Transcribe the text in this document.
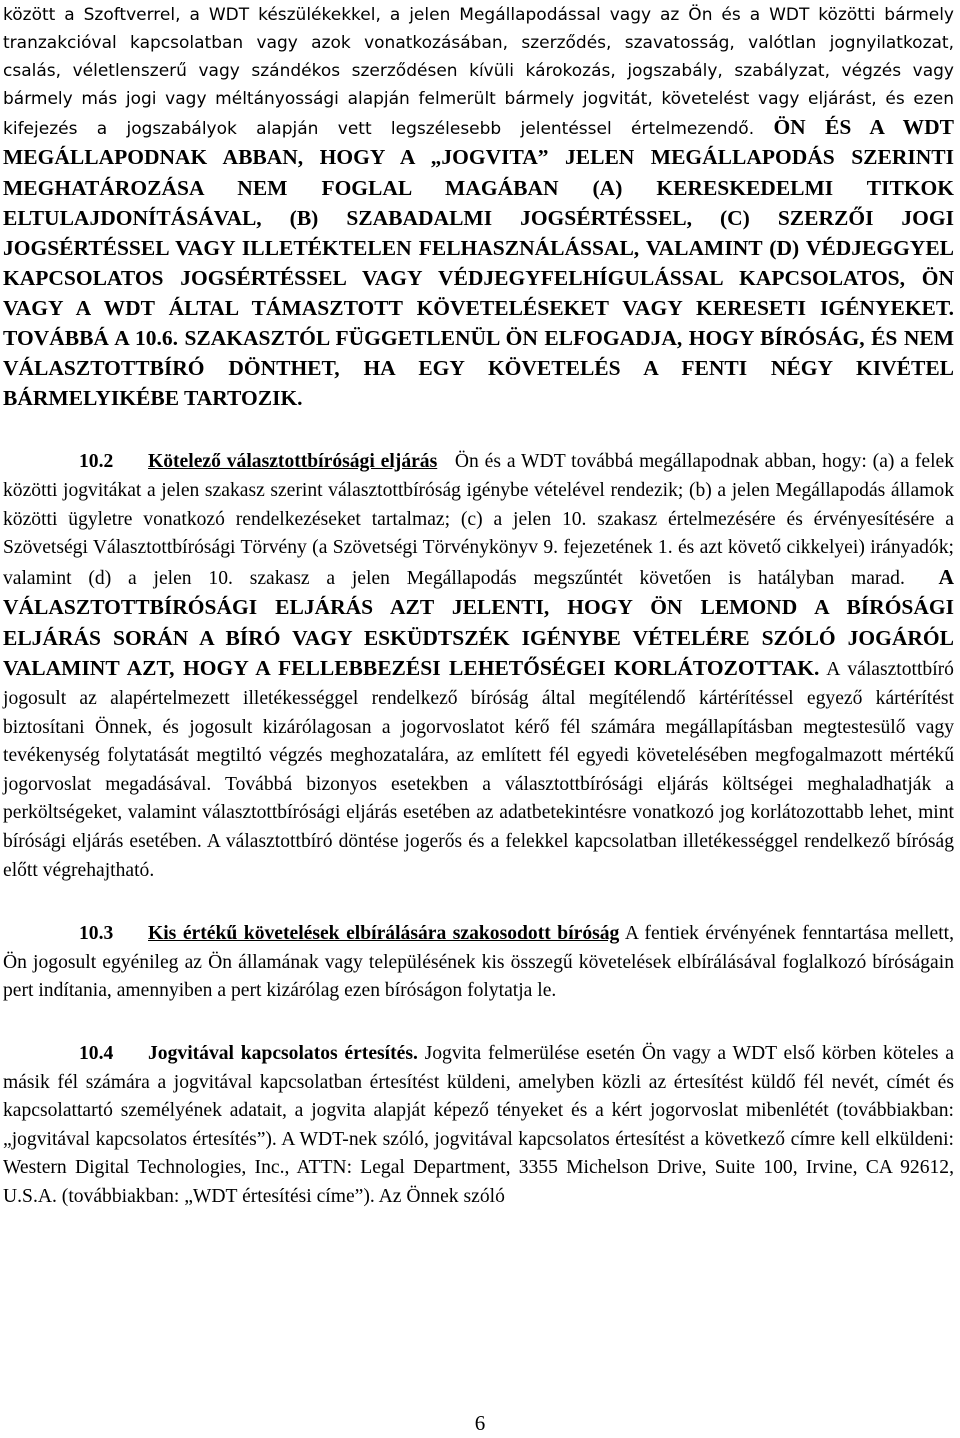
között a Szoftverrel, a WDT készülékekkel, a jelen Megállapodással vagy az Ön és a WDT közötti bármely tranzakcióval kapcsolatban vagy azok vonatkozásában, szerződés, szavatosság, valótlan jognyilatkozat, csalás, véletlenszerű vagy szándékos szerződésen kívüli károkozás, jogszabály, szabályzat, végzés vagy bármely más jogi vagy méltányossági alapján felmerült bármely jogvitát, követelést vagy eljárást, és ezen kifejezés a jogszabályok alapján vett legszélesebb jelentéssel értelmezendő. ÖN ÉS A WDT MEGÁLLAPODNAK ABBAN, HOGY A „JOGVITA” JELEN MEGÁLLAPODÁS SZERINTI MEGHATÁROZÁSA NEM FOGLAL MAGÁBAN (A) KERESKEDELMI TITKOK ELTULAJDONÍTÁSÁVAL, (B) SZABADALMI JOGSÉRTÉSSEL, (C) SZERZŐI JOGI JOGSÉRTÉSSEL VAGY ILLETÉKTELEN FELHASZNÁLÁSSAL, VALAMINT (D) VÉDJEGGYEL KAPCSOLATOS JOGSÉRTÉSSEL VAGY VÉDJEGYFELHÍGULÁSSAL KAPCSOLATOS, ÖN VAGY A WDT ÁLTAL TÁMASZTOTT KÖVETELÉSEKET VAGY KERESETI IGÉNYEKET. TOVÁBBÁ A 10.6. SZAKASZTÓL FÜGGETLENÜL ÖN ELFOGADJA, HOGY BÍRÓSÁG, ÉS NEM VÁLASZTOTTBÍRÓ DÖNTHET, HA EGY KÖVETELÉS A FENTI NÉGY KIVÉTEL BÁRMELYIKÉBE TARTOZIK.

10.2 Kötelező választottbírósági eljárás Ön és a WDT továbbá megállapodnak abban, hogy: (a) a felek közötti jogvitákat a jelen szakasz szerint választottbíróság igénybe vételével rendezik; (b) a jelen Megállapodás államok közötti ügyletre vonatkozó rendelkezéseket tartalmaz; (c) a jelen 10. szakasz értelmezésére és érvényesítésére a Szövetségi Választottbírósági Törvény (a Szövetségi Törvénykönyv 9. fejezetének 1. és azt követő cikkelyei) irányadók; valamint (d) a jelen 10. szakasz a jelen Megállapodás megszűntét követően is hatályban marad. A VÁLASZTOTTBÍRÓSÁGI ELJÁRÁS AZT JELENTI, HOGY ÖN LEMOND A BÍRÓSÁGI ELJÁRÁS SORÁN A BÍRÓ VAGY ESKÜDTSZÉK IGÉNYBE VÉTELÉRE SZÓLÓ JOGÁRÓL VALAMINT AZT, HOGY A FELLEBBEZÉSI LEHETŐSÉGEI KORLÁTOZOTTAK. A választottbíró jogosult az alapértelmezett illetékességgel rendelkező bíróság által megítélendő kártérítéssel egyező kártérítést biztosítani Önnek, és jogosult kizárólagosan a jogorvoslatot kérő fél számára megállapításban megtestesülő vagy tevékenység folytatását megtiltó végzés meghozatalára, az említett fél egyedi követelésében megfogalmazott mértékű jogorvoslat megadásával. Továbbá bizonyos esetekben a választottbírósági eljárás költségei meghaladhatják a perköltségeket, valamint választottbírósági eljárás esetében az adatbetekintésre vonatkozó jog korlátozottabb lehet, mint bírósági eljárás esetében. A választottbíró döntése jogerős és a felekkel kapcsolatban illetékességgel rendelkező bíróság előtt végrehajtható.

10.3 Kis értékű követelések elbírálására szakosodott bíróság A fentiek érvényének fenntartása mellett, Ön jogosult egyénileg az Ön államának vagy településének kis összegű követelések elbírálásával foglalkozó bíróságain pert indítania, amennyiben a pert kizárólag ezen bíróságon folytatja le.

10.4 Jogvitával kapcsolatos értesítés. Jogvita felmerülése esetén Ön vagy a WDT első körben köteles a másik fél számára a jogvitával kapcsolatban értesítést küldeni, amelyben közli az értesítést küldő fél nevét, címét és kapcsolattartó személyének adatait, a jogvita alapját képező tényeket és a kért jogorvoslat mibenlétét (továbbiakban: „jogvitával kapcsolatos értesítés”). A WDT-nek szóló, jogvitával kapcsolatos értesítést a következő címre kell elküldeni: Western Digital Technologies, Inc., ATTN: Legal Department, 3355 Michelson Drive, Suite 100, Irvine, CA 92612, U.S.A. (továbbiakban: „WDT értesítési címe”). Az Önnek szóló

6
